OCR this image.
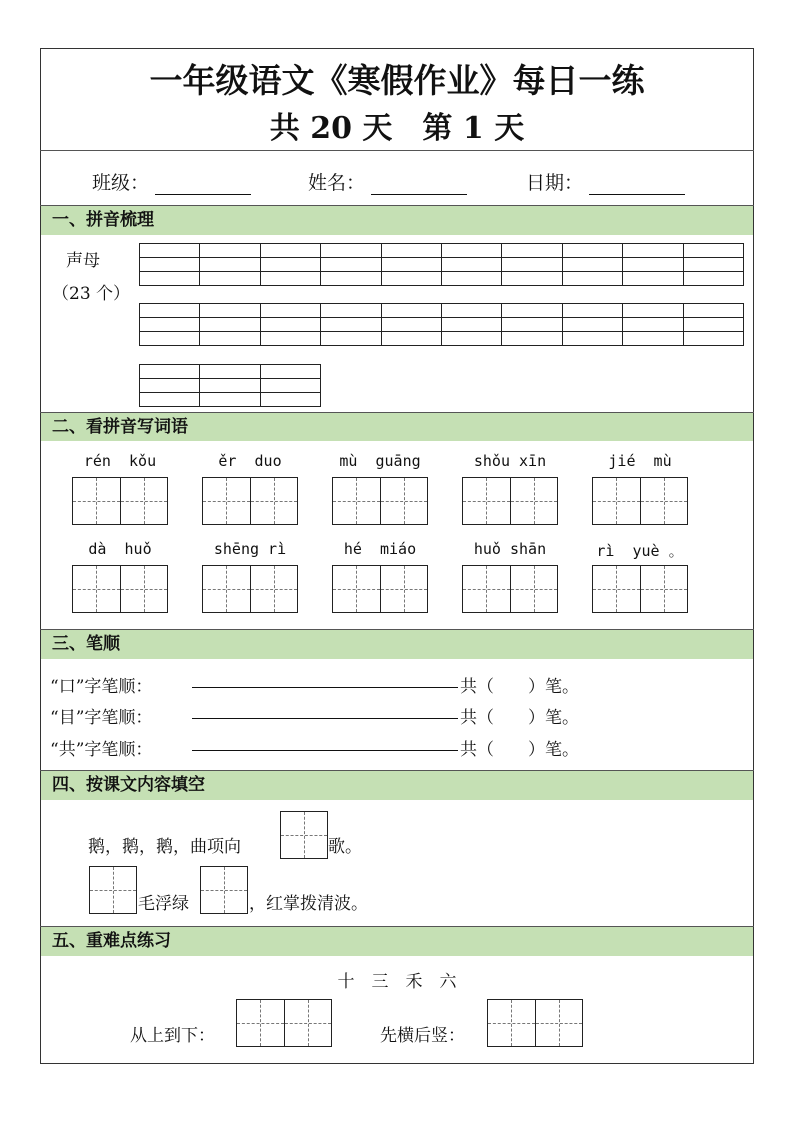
一年级语文《寒假作业》每日一练
共 20 天　第 1 天
班级：	姓名：	日期：
一、拼音梳理
声母
（23 个）

二、看拼音写词语
rén  kǒu	ěr  duo	mù  guāng	shǒu xīn	jié  mù
dà  huǒ	shēng rì	hé  miáo	huǒ shān	rì  yuè 。
三、笔顺
“口”字笔顺：	共（　　）笔。
“目”字笔顺：	共（　　）笔。
“共”字笔顺：	共（　　）笔。
四、按课文内容填空
鹅，鹅，鹅，曲项向	歌。
毛浮绿	，红掌拨清波。
五、重难点练习
十　三　禾　六
从上到下：	先横后竖：
